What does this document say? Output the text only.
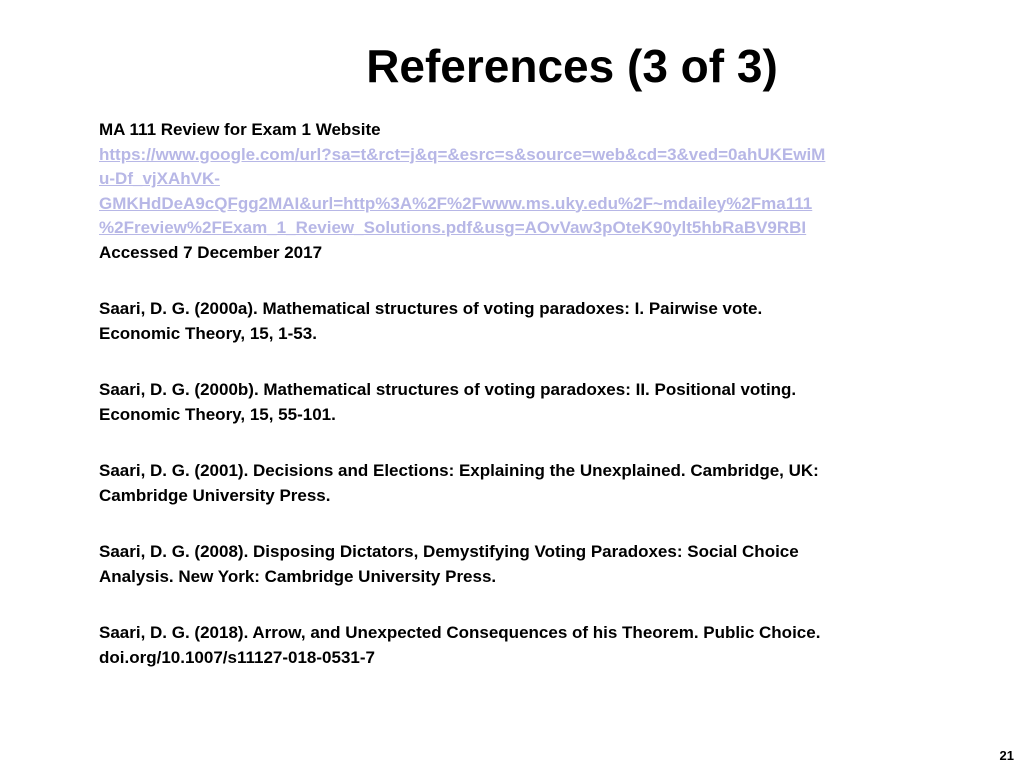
References (3 of 3)
MA 111 Review for Exam 1 Website
https://www.google.com/url?sa=t&rct=j&q=&esrc=s&source=web&cd=3&ved=0ahUKEwiM
u-Df_vjXAhVK-
GMKHdDeA9cQFgg2MAI&url=http%3A%2F%2Fwww.ms.uky.edu%2F~mdailey%2Fma111
%2Freview%2FExam_1_Review_Solutions.pdf&usg=AOvVaw3pOteK90ylt5hbRaBV9RBI
Accessed 7 December 2017
Saari, D. G. (2000a). Mathematical structures of voting paradoxes: I. Pairwise vote.
Economic Theory, 15, 1-53.
Saari, D. G. (2000b). Mathematical structures of voting paradoxes: II. Positional voting.
Economic Theory, 15, 55-101.
Saari, D. G. (2001). Decisions and Elections: Explaining the Unexplained. Cambridge, UK:
Cambridge University Press.
Saari, D. G. (2008). Disposing Dictators, Demystifying Voting Paradoxes: Social Choice
Analysis. New York: Cambridge University Press.
Saari, D. G. (2018). Arrow, and Unexpected Consequences of his Theorem. Public Choice.
doi.org/10.1007/s11127-018-0531-7
21
